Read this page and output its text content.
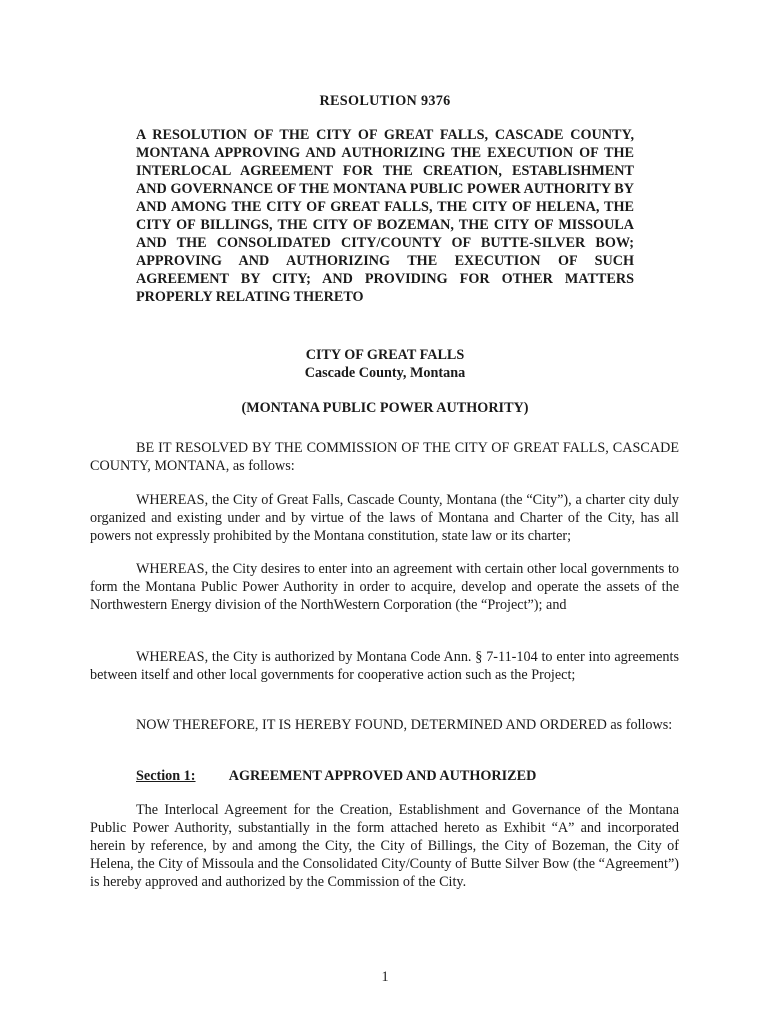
RESOLUTION 9376
A RESOLUTION OF THE CITY OF GREAT FALLS, CASCADE COUNTY, MONTANA APPROVING AND AUTHORIZING THE EXECUTION OF THE INTERLOCAL AGREEMENT FOR THE CREATION, ESTABLISHMENT AND GOVERNANCE OF THE MONTANA PUBLIC POWER AUTHORITY BY AND AMONG THE CITY OF GREAT FALLS, THE CITY OF HELENA, THE CITY OF BILLINGS, THE CITY OF BOZEMAN, THE CITY OF MISSOULA AND THE CONSOLIDATED CITY/COUNTY OF BUTTE-SILVER BOW; APPROVING AND AUTHORIZING THE EXECUTION OF SUCH AGREEMENT BY CITY; AND PROVIDING FOR OTHER MATTERS PROPERLY RELATING THERETO
CITY OF GREAT FALLS
Cascade County, Montana
(MONTANA PUBLIC POWER AUTHORITY)
BE IT RESOLVED BY THE COMMISSION OF THE CITY OF GREAT FALLS, CASCADE COUNTY, MONTANA, as follows:
WHEREAS, the City of Great Falls, Cascade County, Montana (the “City”), a charter city duly organized and existing under and by virtue of the laws of Montana and Charter of the City, has all powers not expressly prohibited by the Montana constitution, state law or its charter;
WHEREAS, the City desires to enter into an agreement with certain other local governments to form the Montana Public Power Authority in order to acquire, develop and operate the assets of the Northwestern Energy division of the NorthWestern Corporation (the “Project”); and
WHEREAS, the City is authorized by Montana Code Ann. § 7-11-104 to enter into agreements between itself and other local governments for cooperative action such as the Project;
NOW THEREFORE, IT IS HEREBY FOUND, DETERMINED AND ORDERED as follows:
Section 1: AGREEMENT APPROVED AND AUTHORIZED
The Interlocal Agreement for the Creation, Establishment and Governance of the Montana Public Power Authority, substantially in the form attached hereto as Exhibit “A” and incorporated herein by reference, by and among the City, the City of Billings, the City of Bozeman, the City of Helena, the City of Missoula and the Consolidated City/County of Butte Silver Bow (the “Agreement”) is hereby approved and authorized by the Commission of the City.
1
